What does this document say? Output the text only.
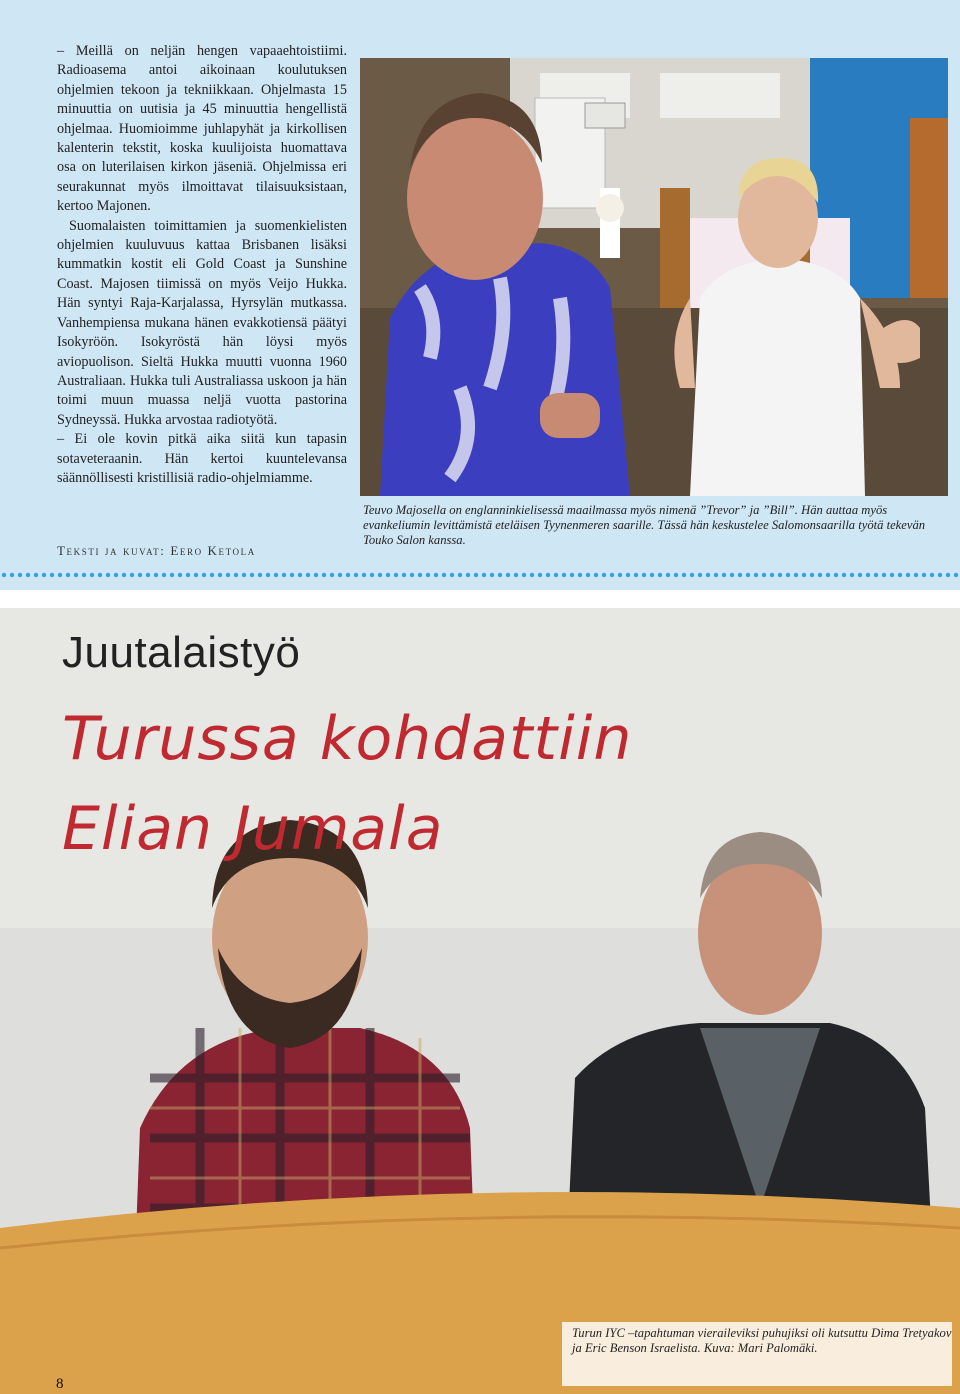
– Meillä on neljän hengen vapaaehtoistiimi. Radioasema antoi aikoinaan koulutuksen ohjelmien tekoon ja tekniikkaan. Ohjelmasta 15 minuuttia on uutisia ja 45 minuuttia hengellistä ohjelmaa. Huomioimme juhlapyhät ja kirkollisen kalenterin tekstit, koska kuulijoista huomattava osa on luterilaisen kirkon jäseniä. Ohjelmissa eri seurakunnat myös ilmoittavat tilaisuuksistaan, kertoo Majonen.

Suomalaisten toimittamien ja suomenkielisten ohjelmien kuuluvuus kattaa Brisbanen lisäksi kummatkin kostit eli Gold Coast ja Sunshine Coast. Majosen tiimissä on myös Veijo Hukka. Hän syntyi Raja-Karjalassa, Hyrsylän mutkassa. Vanhempiensa mukana hänen evakkotiensä päätyi Isokyröön. Isokyröstä hän löysi myös aviopuolison. Sieltä Hukka muutti vuonna 1960 Australiaan. Hukka tuli Australiassa uskoon ja hän toimi muun muassa neljä vuotta pastorina Sydneyssä. Hukka arvostaa radiotyötä.

– Ei ole kovin pitkä aika siitä kun tapasin sotaveteraanin. Hän kertoi kuuntelevansa säännöllisesti kristillisiä radio-ohjelmiamme.

Teksti ja kuvat: Eero Ketola
Teuvo Majosella on englanninkielisessä maailmassa myös nimenä ”Trevor” ja ”Bill”. Hän auttaa myös evankeliumin levittämistä eteläisen Tyynenmeren saarille. Tässä hän keskustelee Salomonsaarilla työtä tekevän Touko Salon kanssa.
Juutalaistyö
Turussa kohdattiin
Elian Jumala
Turun IYC –tapahtuman vieraileviksi puhujiksi oli kutsuttu Dima Tretyakov ja Eric Benson Israelista. Kuva: Mari Palomäki.
8
